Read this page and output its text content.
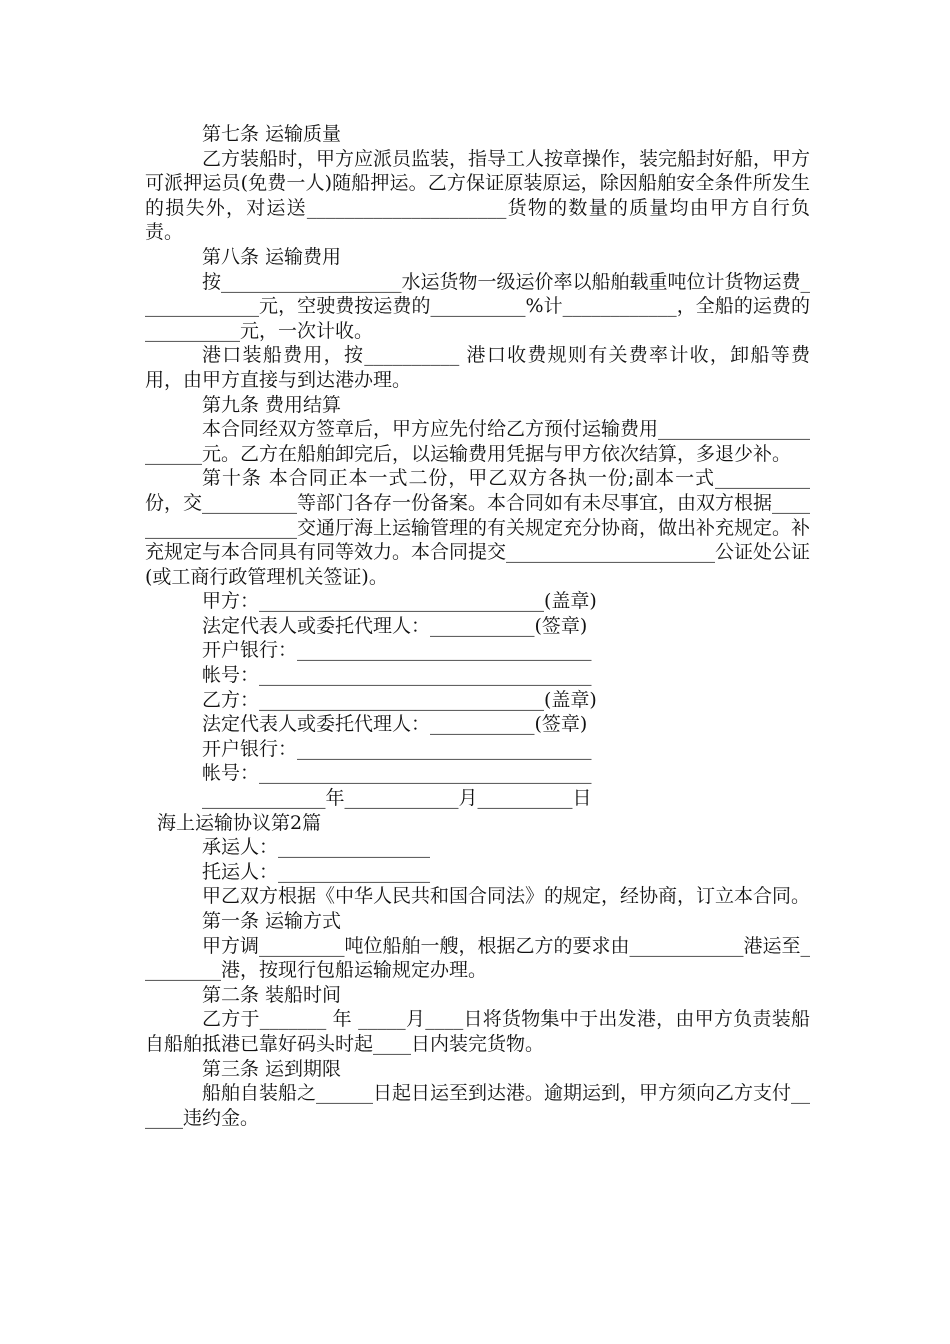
第七条 运输质量

乙方装船时，甲方应派员监装，指导工人按章操作，装完船封好船，甲方可派押运员(免费一人)随船押运。乙方保证原装原运，除因船舶安全条件所发生的损失外，对运送_____________________货物的数量的质量均由甲方自行负责。

第八条 运输费用

按___________________水运货物一级运价率以船舶载重吨位计货物运费_____________元，空驶费按运费的__________%计____________，全船的运费的__________元，一次计收。

港口装船费用，按__________ 港口收费规则有关费率计收，卸船等费用，由甲方直接与到达港办理。

第九条 费用结算

本合同经双方签章后，甲方应先付给乙方预付运输费用______________________元。乙方在船舶卸完后，以运输费用凭据与甲方依次结算，多退少补。

第十条 本合同正本一式二份，甲乙双方各执一份;副本一式__________份，交__________等部门各存一份备案。本合同如有未尽事宜，由双方根据____________________交通厅海上运输管理的有关规定充分协商，做出补充规定。补充规定与本合同具有同等效力。本合同提交______________________公证处公证(或工商行政管理机关签证)。

甲方：______________________________(盖章)

法定代表人或委托代理人：___________(签章)

开户银行：_______________________________

帐号：___________________________________

乙方：______________________________(盖章)

法定代表人或委托代理人：___________(签章)

开户银行：_______________________________

帐号：___________________________________

_____________年____________月__________日

海上运输协议第2篇

承运人：________________

托运人：________________

甲乙双方根据《中华人民共和国合同法》的规定，经协商，订立本合同。

第一条 运输方式

甲方调_________吨位船舶一艘，根据乙方的要求由____________港运至_________港，按现行包船运输规定办理。

第二条 装船时间

乙方于_______ 年 _____月____日将货物集中于出发港，由甲方负责装船自船舶抵港已靠好码头时起____日内装完货物。

第三条 运到期限

船舶自装船之______日起日运至到达港。逾期运到，甲方须向乙方支付______违约金。
